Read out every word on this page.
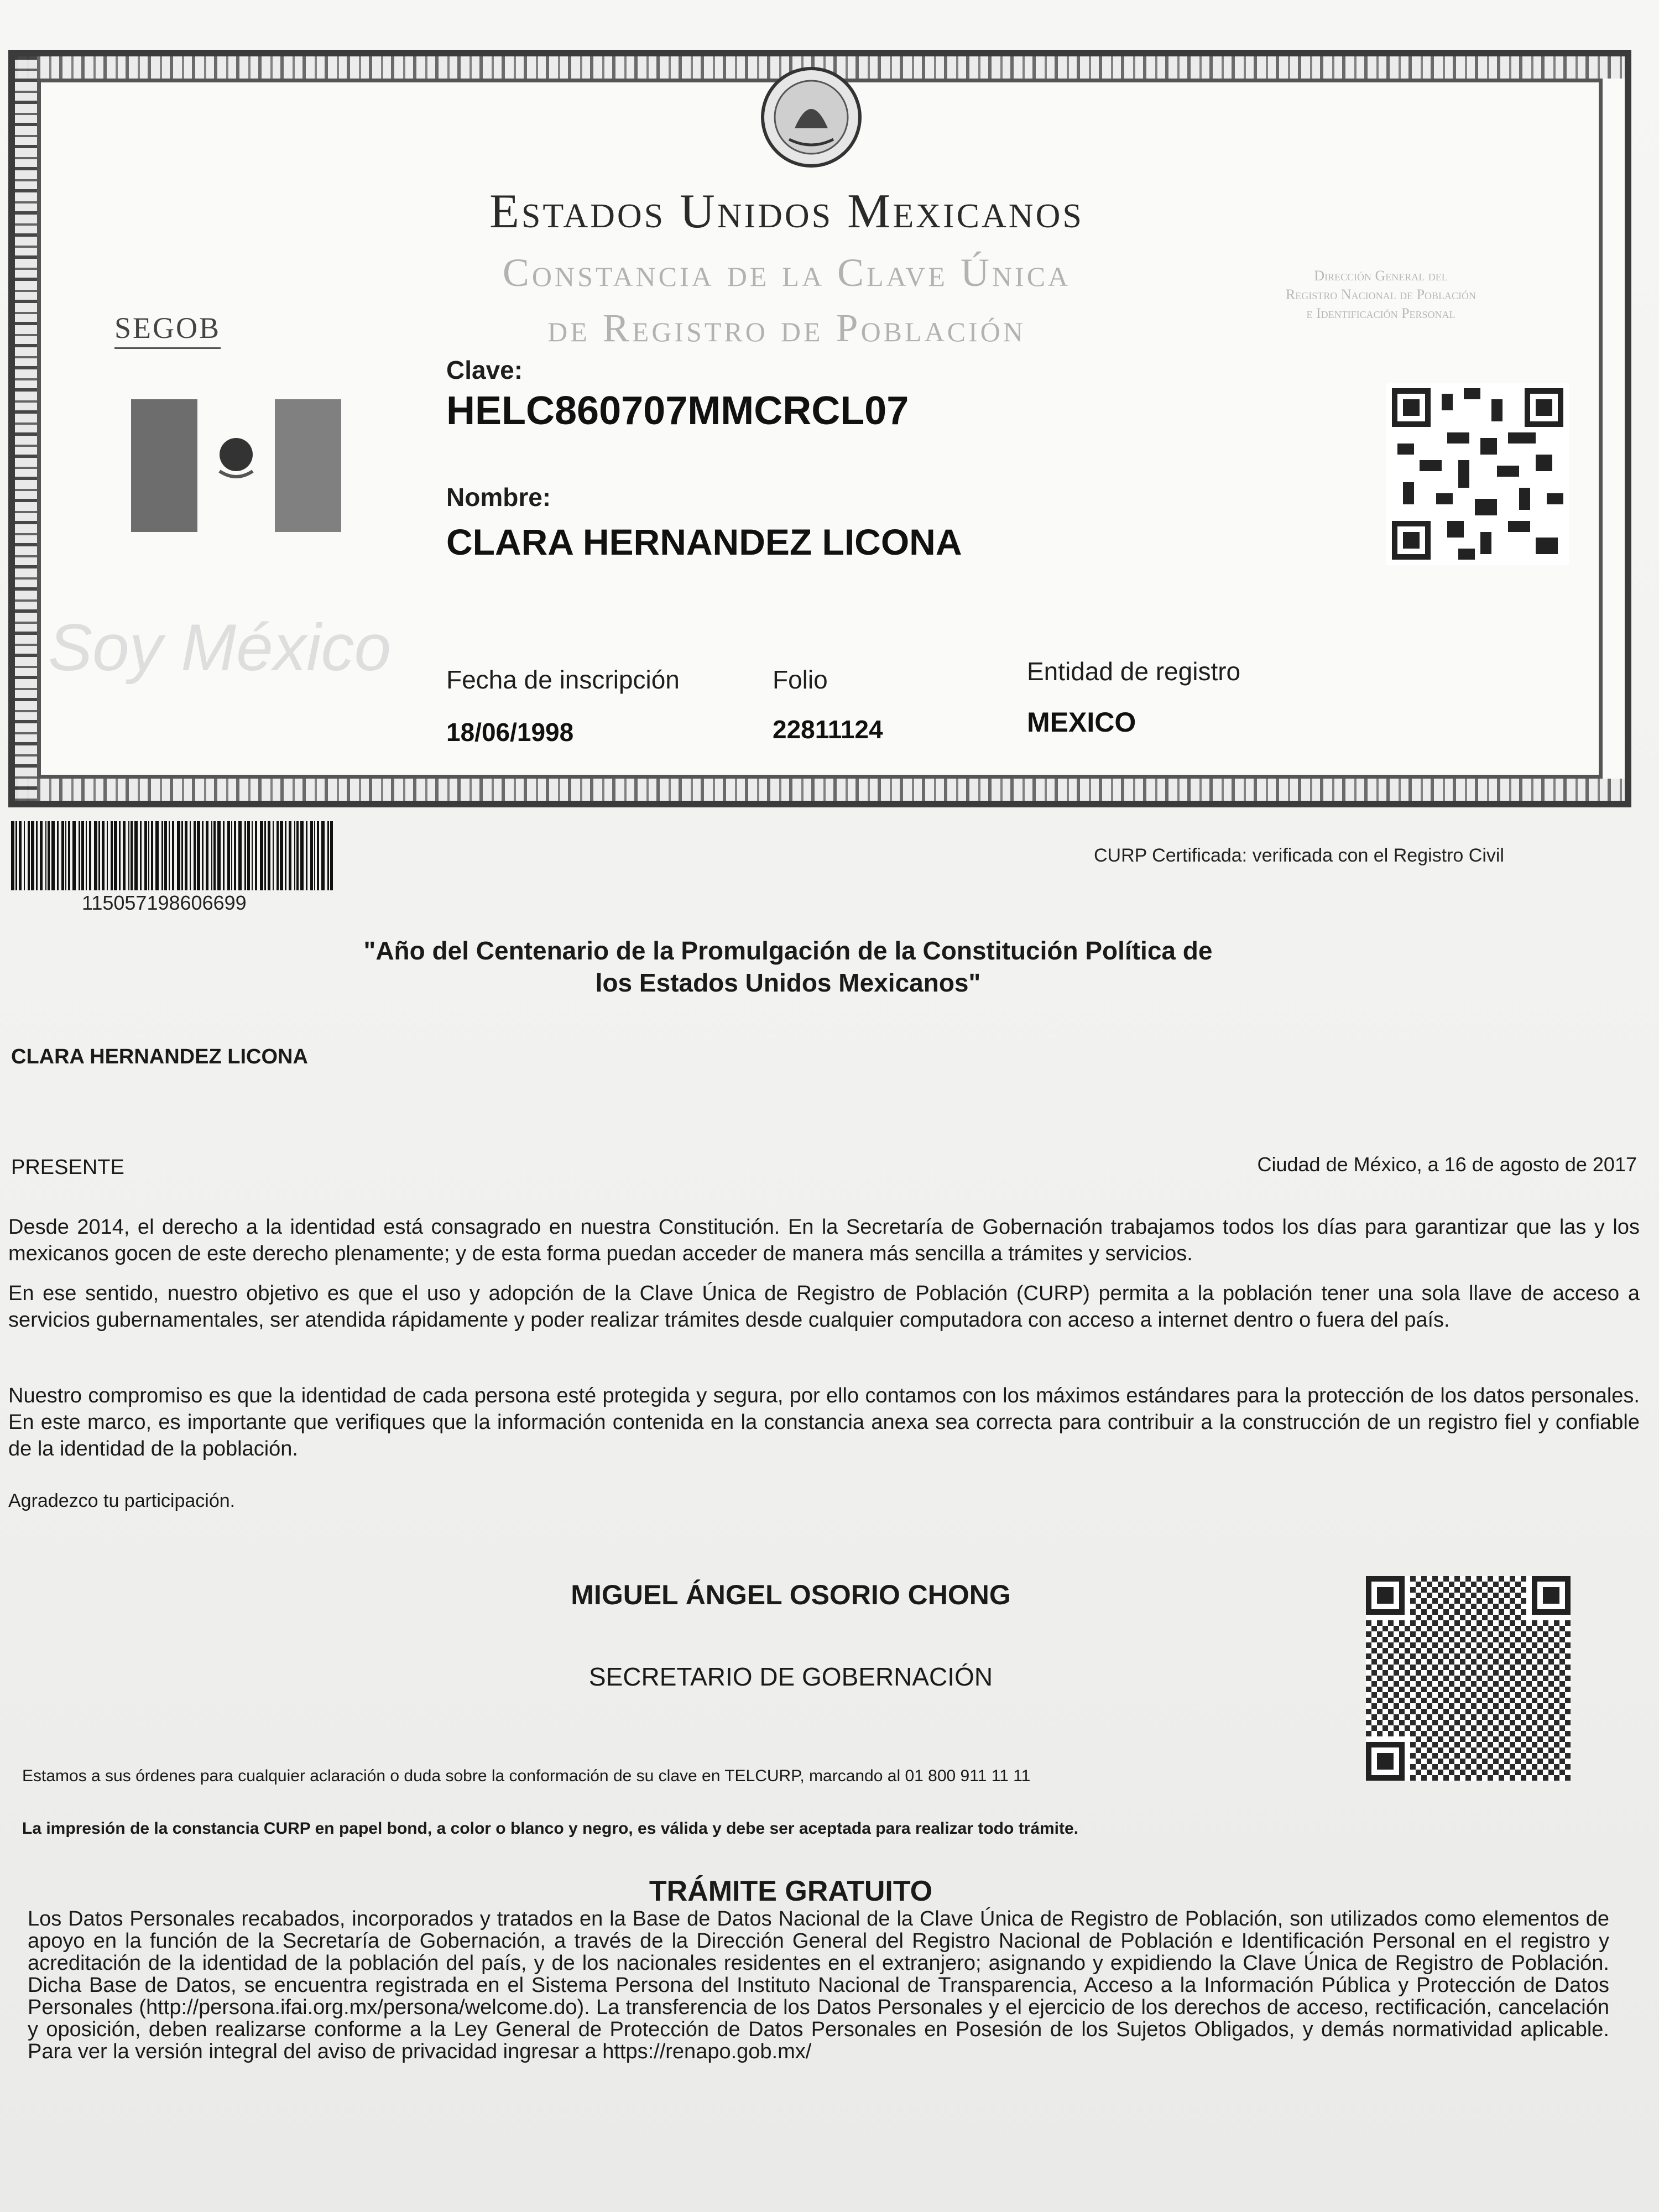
SEGOB
Estados Unidos Mexicanos
Constancia de la Clave Única
de Registro de Población
Dirección General del
Registro Nacional de Población
e Identificación Personal
Soy México
Clave:
HELC860707MMCRCL07
Nombre:
CLARA HERNANDEZ LICONA
Fecha de inscripción
18/06/1998
Folio
22811124
Entidad de registro
MEXICO
115057198606699
CURP Certificada: verificada con el Registro Civil
"Año del Centenario de la Promulgación de la Constitución Política de
los Estados Unidos Mexicanos"
CLARA HERNANDEZ LICONA
PRESENTE	Ciudad de México, a 16 de agosto de 2017
Desde 2014, el derecho a la identidad está consagrado en nuestra Constitución. En la Secretaría de Gobernación trabajamos todos los días para garantizar que las y los mexicanos gocen de este derecho plenamente; y de esta forma puedan acceder de manera más sencilla a trámites y servicios.
En ese sentido, nuestro objetivo es que el uso y adopción de la Clave Única de Registro de Población (CURP) permita a la población tener una sola llave de acceso a servicios gubernamentales, ser atendida rápidamente y poder realizar trámites desde cualquier computadora con acceso a internet dentro o fuera del país.
Nuestro compromiso es que la identidad de cada persona esté protegida y segura, por ello contamos con los máximos estándares para la protección de los datos personales. En este marco, es importante que verifiques que la información contenida en la constancia anexa sea correcta para contribuir a la construcción de un registro fiel y confiable de la identidad de la población.
Agradezco tu participación.
MIGUEL ÁNGEL OSORIO CHONG
SECRETARIO DE GOBERNACIÓN
Estamos a sus órdenes para cualquier aclaración o duda sobre la conformación de su clave en TELCURP, marcando al 01 800 911 11 11
La impresión de la constancia CURP en papel bond, a color o blanco y negro, es válida y debe ser aceptada para realizar todo trámite.
TRÁMITE GRATUITO
Los Datos Personales recabados, incorporados y tratados en la Base de Datos Nacional de la Clave Única de Registro de Población, son utilizados como elementos de apoyo en la función de la Secretaría de Gobernación, a través de la Dirección General del Registro Nacional de Población e Identificación Personal en el registro y acreditación de la identidad de la población del país, y de los nacionales residentes en el extranjero; asignando y expidiendo la Clave Única de Registro de Población. Dicha Base de Datos, se encuentra registrada en el Sistema Persona del Instituto Nacional de Transparencia, Acceso a la Información Pública y Protección de Datos Personales (http://persona.ifai.org.mx/persona/welcome.do). La transferencia de los Datos Personales y el ejercicio de los derechos de acceso, rectificación, cancelación y oposición, deben realizarse conforme a la Ley General de Protección de Datos Personales en Posesión de los Sujetos Obligados, y demás normatividad aplicable. Para ver la versión integral del aviso de privacidad ingresar a https://renapo.gob.mx/
